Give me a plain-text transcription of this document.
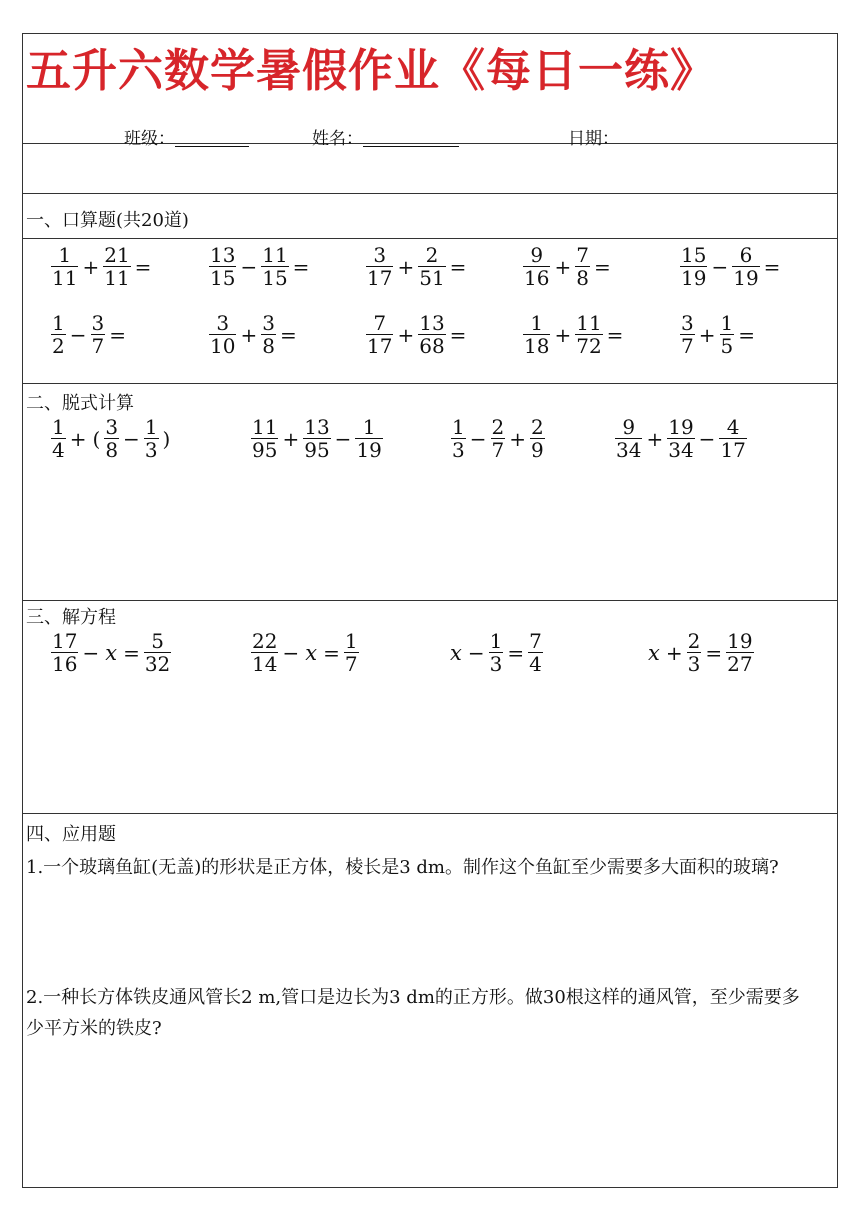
五升六数学暑假作业《每日一练》
班级：	姓名：	日期：
一、口算题(共20道)
$\frac{1}{11} + \frac{21}{11}$ =	$\frac{13}{15} - \frac{11}{15}$ =	$\frac{3}{17} + \frac{2}{51}$ =	$\frac{9}{16} + \frac{7}{8}$ =	$\frac{15}{19} - \frac{6}{19}$ =
$\frac{1}{2} - \frac{3}{7}$ =	$\frac{3}{10} + \frac{3}{8}$ =	$\frac{7}{17} + \frac{13}{68}$ =	$\frac{1}{18} + \frac{11}{72}$ =	$\frac{3}{7} + \frac{1}{5}$ =
二、脱式计算
$\frac{1}{4}$ + ( $\frac{3}{8} - \frac{1}{3}$ )	$\frac{11}{95} + \frac{13}{95} - \frac{1}{19}$	$\frac{1}{3} - \frac{2}{7} + \frac{2}{9}$	$\frac{9}{34} + \frac{19}{34} - \frac{4}{17}$
三、解方程
$\frac{17}{16} - x = \frac{5}{32}$	$\frac{22}{14} - x = \frac{1}{7}$	$x - \frac{1}{3} = \frac{7}{4}$	$x + \frac{2}{3} = \frac{19}{27}$
四、应用题
1.一个玻璃鱼缸(无盖)的形状是正方体，棱长是3 dm。制作这个鱼缸至少需要多大面积的玻璃?
2.一种长方体铁皮通风管长2 m,管口是边长为3 dm的正方形。做30根这样的通风管，至少需要多少平方米的铁皮?
